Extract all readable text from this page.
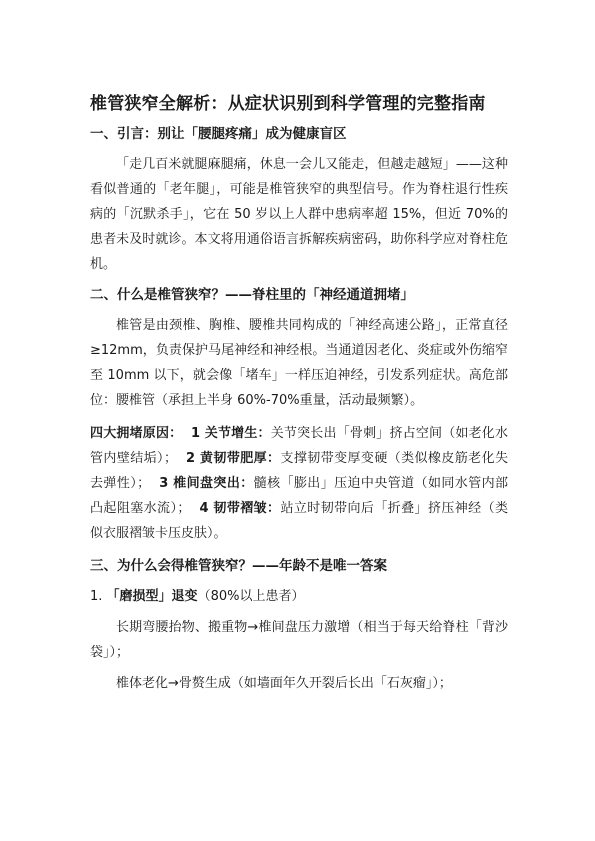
椎管狭窄全解析：从症状识别到科学管理的完整指南
一、引言：别让「腰腿疼痛」成为健康盲区

「走几百米就腿麻腿痛，休息一会儿又能走，但越走越短」——这种看似普通的「老年腿」，可能是椎管狭窄的典型信号。作为脊柱退行性疾病的「沉默杀手」，它在 50 岁以上人群中患病率超 15%，但近 70%的患者未及时就诊。本文将用通俗语言拆解疾病密码，助你科学应对脊柱危机。

二、什么是椎管狭窄？——脊柱里的「神经通道拥堵」

椎管是由颈椎、胸椎、腰椎共同构成的「神经高速公路」，正常直径≥12mm，负责保护马尾神经和神经根。当通道因老化、炎症或外伤缩窄至 10mm 以下，就会像「堵车」一样压迫神经，引发系列症状。高危部位：腰椎管（承担上半身 60%-70%重量，活动最频繁）。

四大拥堵原因： 1 关节增生：关节突长出「骨刺」挤占空间（如老化水管内壁结垢）； 2 黄韧带肥厚：支撑韧带变厚变硬（类似橡皮筋老化失去弹性）； 3 椎间盘突出：髓核「膨出」压迫中央管道（如同水管内部凸起阻塞水流）； 4 韧带褶皱：站立时韧带向后「折叠」挤压神经（类似衣服褶皱卡压皮肤）。

三、为什么会得椎管狭窄？——年龄不是唯一答案

1. 「磨损型」退变（80%以上患者）

长期弯腰抬物、搬重物→椎间盘压力激增（相当于每天给脊柱「背沙袋」）；

椎体老化→骨赘生成（如墙面年久开裂后长出「石灰瘤」）；
